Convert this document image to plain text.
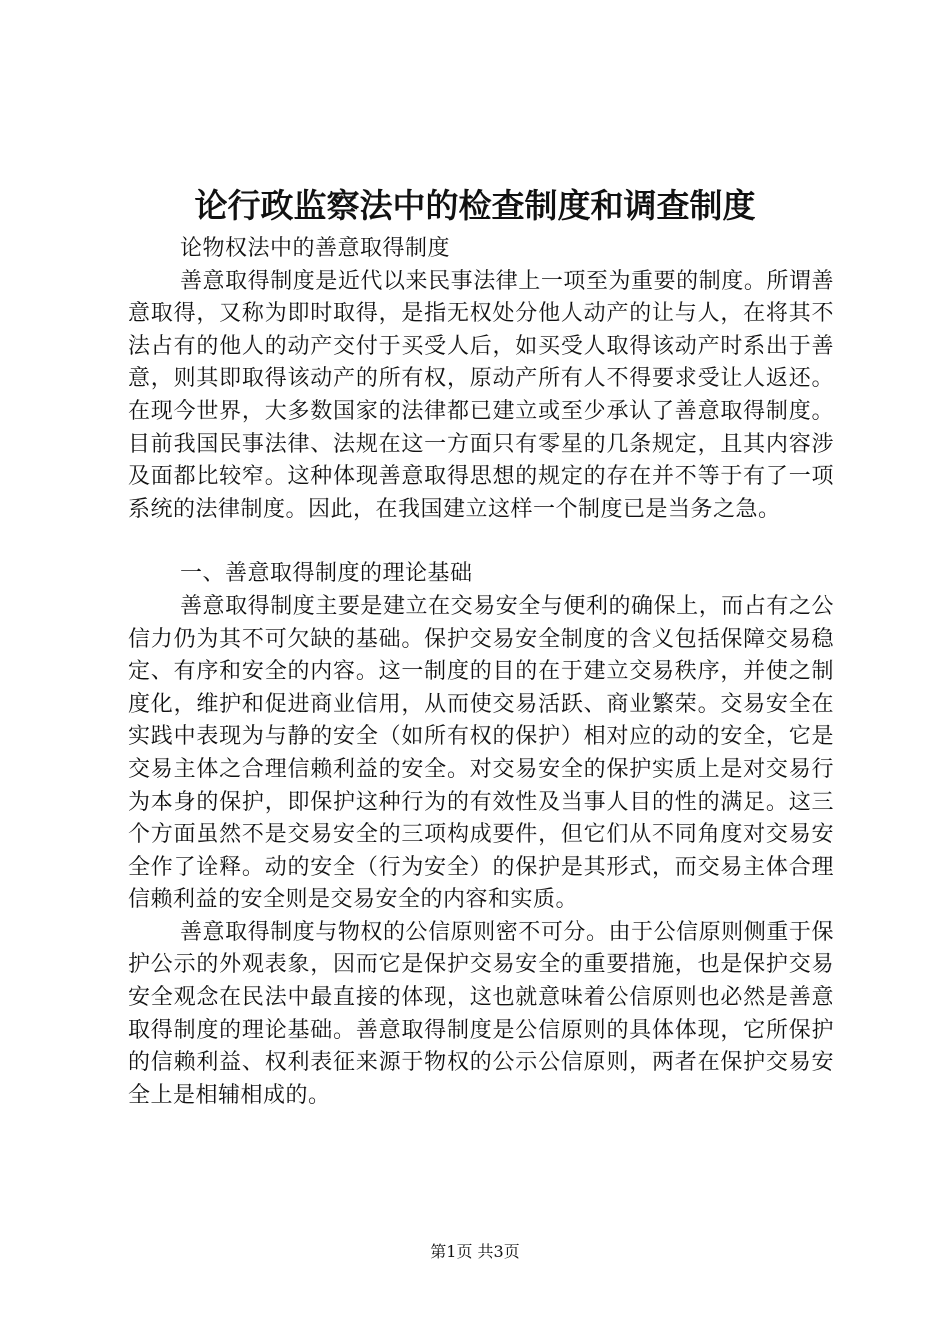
论行政监察法中的检查制度和调查制度

论物权法中的善意取得制度

善意取得制度是近代以来民事法律上一项至为重要的制度。所谓善意取得，又称为即时取得，是指无权处分他人动产的让与人，在将其不法占有的他人的动产交付于买受人后，如买受人取得该动产时系出于善意，则其即取得该动产的所有权，原动产所有人不得要求受让人返还。在现今世界，大多数国家的法律都已建立或至少承认了善意取得制度。目前我国民事法律、法规在这一方面只有零星的几条规定，且其内容涉及面都比较窄。这种体现善意取得思想的规定的存在并不等于有了一项系统的法律制度。因此，在我国建立这样一个制度已是当务之急。

一、善意取得制度的理论基础

善意取得制度主要是建立在交易安全与便利的确保上，而占有之公信力仍为其不可欠缺的基础。保护交易安全制度的含义包括保障交易稳定、有序和安全的内容。这一制度的目的在于建立交易秩序，并使之制度化，维护和促进商业信用，从而使交易活跃、商业繁荣。交易安全在实践中表现为与静的安全（如所有权的保护）相对应的动的安全，它是交易主体之合理信赖利益的安全。对交易安全的保护实质上是对交易行为本身的保护，即保护这种行为的有效性及当事人目的性的满足。这三个方面虽然不是交易安全的三项构成要件，但它们从不同角度对交易安全作了诠释。动的安全（行为安全）的保护是其形式，而交易主体合理信赖利益的安全则是交易安全的内容和实质。

善意取得制度与物权的公信原则密不可分。由于公信原则侧重于保护公示的外观表象，因而它是保护交易安全的重要措施，也是保护交易安全观念在民法中最直接的体现，这也就意味着公信原则也必然是善意取得制度的理论基础。善意取得制度是公信原则的具体体现，它所保护的信赖利益、权利表征来源于物权的公示公信原则，两者在保护交易安全上是相辅相成的。

第1页 共3页
